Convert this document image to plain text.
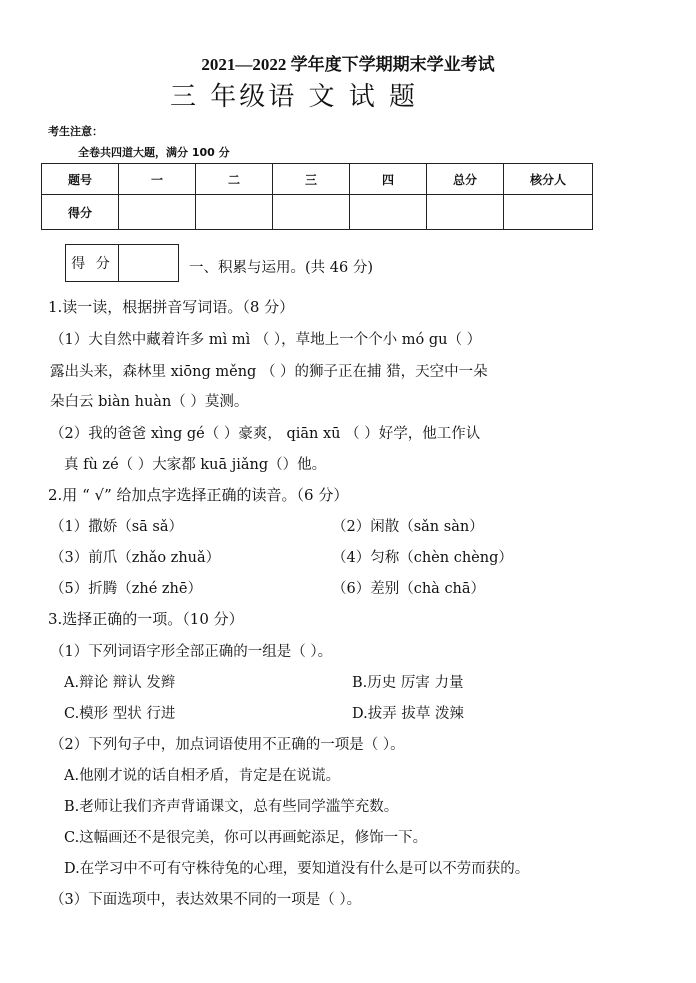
2021—2022 学年度下学期期末学业考试
三 年级语 文 试 题
考生注意：
全卷共四道大题，满分 100 分
题号	一	二	三	四	总分	核分人
得分						
得 分	一、积累与运用。(共 46 分)
1.读一读，根据拼音写词语。（8 分）
（1）大自然中藏着许多 mì mì （ ），草地上一个个小 mó gu（ ）
露出头来，森林里 xiōng měng （ ）的狮子正在捕 猎，天空中一朵
朵白云 biàn huàn（ ）莫测。
（2）我的爸爸 xìng gé（ ）豪爽， qiān xū （ ）好学，他工作认
真 fù zé（ ）大家都 kuā jiǎng（）他。
2.用 “ √” 给加点字选择正确的读音。（6 分）
（1）撒娇（sā sǎ）	（2）闲散（sǎn sàn）
（3）前爪（zhǎo zhuǎ）	（4）匀称（chèn chèng）
（5）折腾（zhé zhē）	（6）差别（chà chā）
3.选择正确的一项。（10 分）
（1）下列词语字形全部正确的一组是（ ）。
A.辩论 辩认 发辫	B.历史 厉害 力量
C.模形 型状 行进	D.拔弄 拔草 泼辣
（2）下列句子中，加点词语使用不正确的一项是（ ）。
A.他刚才说的话自相矛盾，肯定是在说谎。
B.老师让我们齐声背诵课文，总有些同学滥竽充数。
C.这幅画还不是很完美，你可以再画蛇添足，修饰一下。
D.在学习中不可有守株待兔的心理，要知道没有什么是可以不劳而获的。
（3）下面选项中，表达效果不同的一项是（ ）。
